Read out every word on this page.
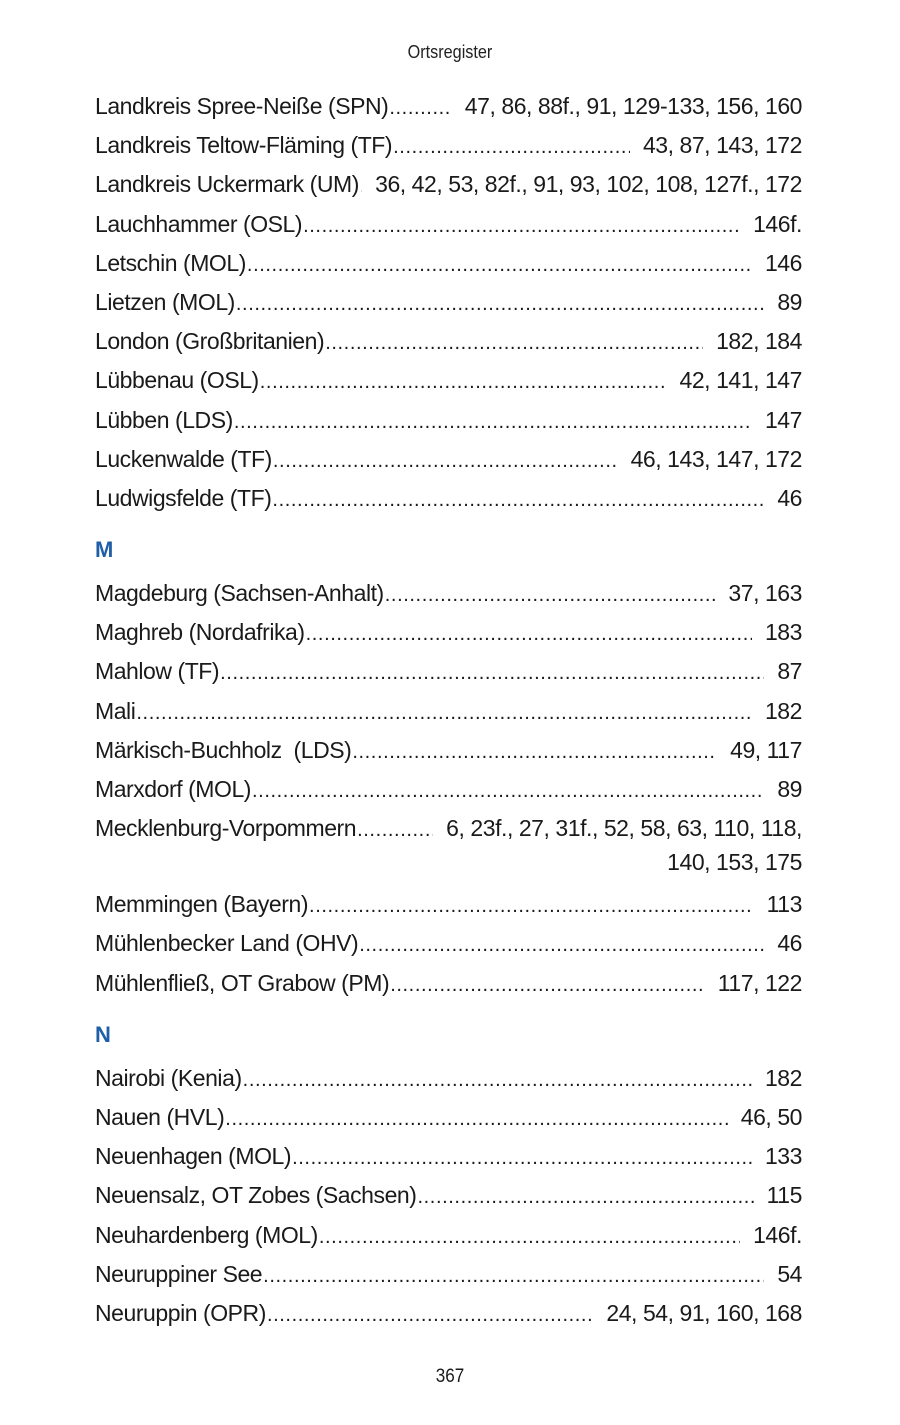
Ortsregister
Landkreis Spree-Neiße (SPN) .....	47, 86, 88f., 91, 129-133, 156, 160
Landkreis Teltow-Fläming (TF) .....	43, 87, 143, 172
Landkreis Uckermark (UM) ..... 36, 42, 53, 82f., 91, 93, 102, 108, 127f., 172
Lauchhammer (OSL) .....	146f.
Letschin (MOL) .....	146
Lietzen (MOL) .....	89
London (Großbritanien) .....	182, 184
Lübbenau (OSL) .....	42, 141, 147
Lübben (LDS) .....	147
Luckenwalde (TF) .....	46, 143, 147, 172
Ludwigsfelde (TF) .....	46
M
Magdeburg (Sachsen-Anhalt) .....	37, 163
Maghreb (Nordafrika) .....	183
Mahlow (TF) .....	87
Mali .....	182
Märkisch-Buchholz  (LDS) .....	49, 117
Marxdorf (MOL) .....	89
Mecklenburg-Vorpommern .....	6, 23f., 27, 31f., 52, 58, 63, 110, 118,
140, 153, 175
Memmingen (Bayern) .....	113
Mühlenbecker Land (OHV) .....	46
Mühlenfließ, OT Grabow (PM) .....	117, 122
N
Nairobi (Kenia) .....	182
Nauen (HVL) .....	46, 50
Neuenhagen (MOL) .....	133
Neuensalz, OT Zobes (Sachsen) .....	115
Neuhardenberg (MOL) .....	146f.
Neuruppiner See .....	54
Neuruppin (OPR) .....	24, 54, 91, 160, 168
367
